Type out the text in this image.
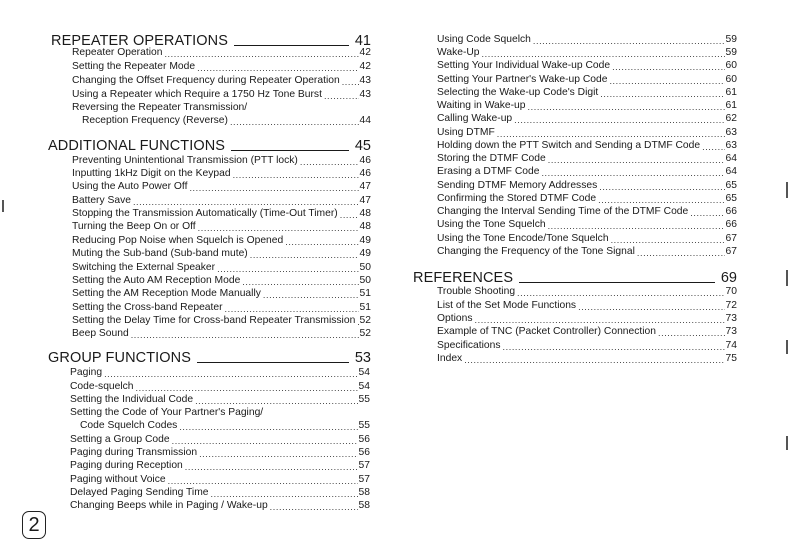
REPEATER OPERATIONS	41
Repeater Operation .....	42
Setting the Repeater Mode .....	42
Changing the Offset Frequency during Repeater Operation ..... 43
Using a Repeater which Require a 1750 Hz Tone Burst .....	43
Reversing the Repeater Transmission/
Reception Frequency (Reverse) .....	44
ADDITIONAL FUNCTIONS	45
Preventing Unintentional Transmission (PTT lock) .....	46
Inputting 1kHz Digit on the Keypad .....	46
Using the Auto Power Off .....	47
Battery Save .....	47
Stopping the Transmission Automatically (Time-Out Timer) ..... 48
Turning the Beep On or Off .....	48
Reducing Pop Noise when Squelch is Opened .....	49
Muting the Sub-band (Sub-band mute) .....	49
Switching the External Speaker .....	50
Setting the Auto AM Reception Mode .....	50
Setting the AM Reception Mode Manually .....	51
Setting the Cross-band Repeater .....	51
Setting the Delay Time for Cross-band Repeater Transmission ..... 52
Beep Sound .....	52
GROUP FUNCTIONS	53
Paging .....	54
Code-squelch .....	54
Setting the Individual Code .....	55
Setting the Code of Your Partner's Paging/
Code Squelch Codes .....	55
Setting a Group Code .....	56
Paging during Transmission .....	56
Paging during Reception .....	57
Paging without Voice .....	57
Delayed Paging Sending Time .....	58
Changing Beeps while in Paging / Wake-up .....	58
Using Code Squelch .....	59
Wake-Up .....	59
Setting Your Individual Wake-up Code .....	60
Setting Your Partner's Wake-up Code .....	60
Selecting the Wake-up Code's Digit .....	61
Waiting in Wake-up .....	61
Calling Wake-up .....	62
Using DTMF .....	63
Holding down the PTT Switch and Sending a DTMF Code ..... 63
Storing the DTMF Code .....	64
Erasing a DTMF Code .....	64
Sending DTMF Memory Addresses .....	65
Confirming the Stored DTMF Code .....	65
Changing the Interval Sending Time of the DTMF Code .....	66
Using the Tone Squelch .....	66
Using the Tone Encode/Tone Squelch .....	67
Changing the Frequency of the Tone Signal .....	67
REFERENCES	69
Trouble Shooting .....	70
List of the Set Mode Functions .....	72
Options .....	73
Example of TNC (Packet Controller) Connection .....	73
Specifications .....	74
Index .....	75
2
